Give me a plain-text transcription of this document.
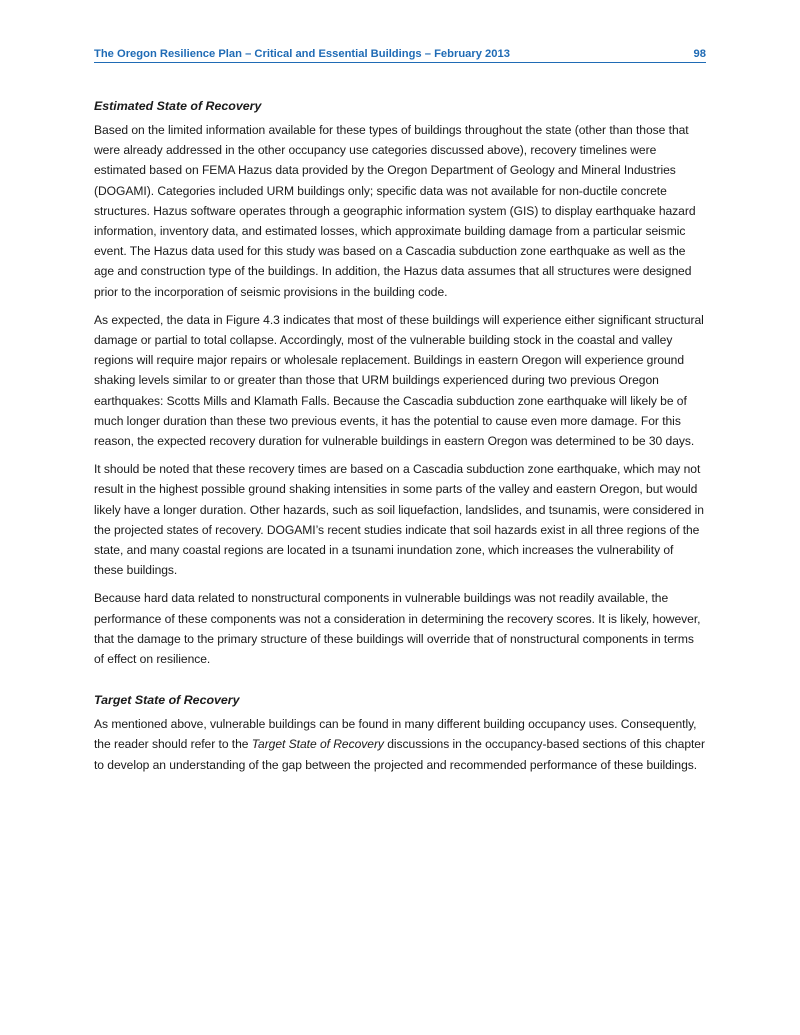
The Oregon Resilience Plan – Critical and Essential Buildings – February 2013	98
Estimated State of Recovery

Based on the limited information available for these types of buildings throughout the state (other than those that were already addressed in the other occupancy use categories discussed above), recovery timelines were estimated based on FEMA Hazus data provided by the Oregon Department of Geology and Mineral Industries (DOGAMI). Categories included URM buildings only; specific data was not available for non-ductile concrete structures. Hazus software operates through a geographic information system (GIS) to display earthquake hazard information, inventory data, and estimated losses, which approximate building damage from a particular seismic event. The Hazus data used for this study was based on a Cascadia subduction zone earthquake as well as the age and construction type of the buildings. In addition, the Hazus data assumes that all structures were designed prior to the incorporation of seismic provisions in the building code.

As expected, the data in Figure 4.3 indicates that most of these buildings will experience either significant structural damage or partial to total collapse. Accordingly, most of the vulnerable building stock in the coastal and valley regions will require major repairs or wholesale replacement. Buildings in eastern Oregon will experience ground shaking levels similar to or greater than those that URM buildings experienced during two previous Oregon earthquakes: Scotts Mills and Klamath Falls. Because the Cascadia subduction zone earthquake will likely be of much longer duration than these two previous events, it has the potential to cause even more damage. For this reason, the expected recovery duration for vulnerable buildings in eastern Oregon was determined to be 30 days.

It should be noted that these recovery times are based on a Cascadia subduction zone earthquake, which may not result in the highest possible ground shaking intensities in some parts of the valley and eastern Oregon, but would likely have a longer duration. Other hazards, such as soil liquefaction, landslides, and tsunamis, were considered in the projected states of recovery. DOGAMI’s recent studies indicate that soil hazards exist in all three regions of the state, and many coastal regions are located in a tsunami inundation zone, which increases the vulnerability of these buildings.

Because hard data related to nonstructural components in vulnerable buildings was not readily available, the performance of these components was not a consideration in determining the recovery scores. It is likely, however, that the damage to the primary structure of these buildings will override that of nonstructural components in terms of effect on resilience.

Target State of Recovery

As mentioned above, vulnerable buildings can be found in many different building occupancy uses. Consequently, the reader should refer to the Target State of Recovery discussions in the occupancy-based sections of this chapter to develop an understanding of the gap between the projected and recommended performance of these buildings.
